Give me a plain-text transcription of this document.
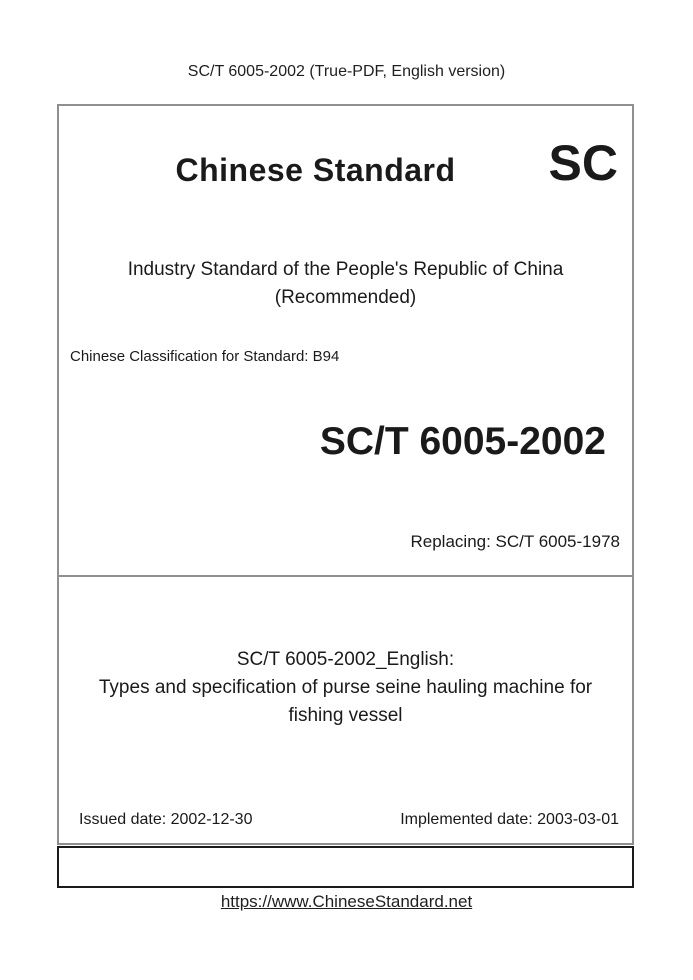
SC/T 6005-2002 (True-PDF, English version)
Chinese Standard	SC
Industry Standard of the People's Republic of China
(Recommended)
Chinese Classification for Standard: B94
SC/T 6005-2002
Replacing: SC/T 6005-1978
SC/T 6005-2002_English:
Types and specification of purse seine hauling machine for
fishing vessel
Issued date: 2002-12-30	Implemented date: 2003-03-01
https://www.ChineseStandard.net
